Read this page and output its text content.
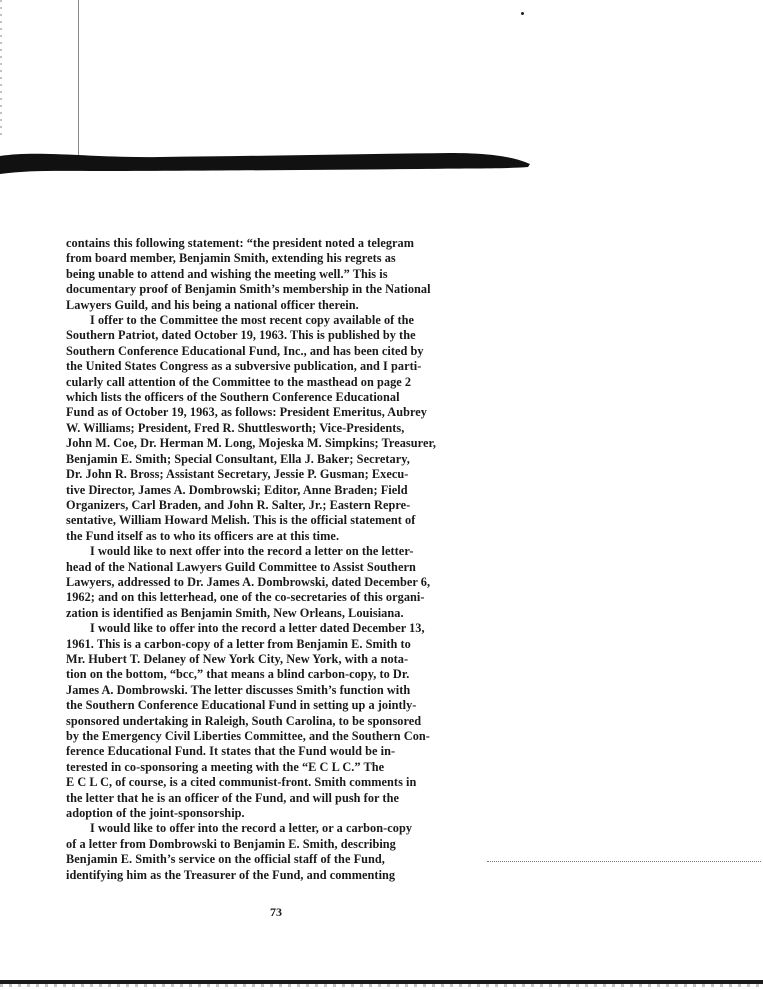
contains this following statement: “the president noted a telegram
from board member, Benjamin Smith, extending his regrets as
being unable to attend and wishing the meeting well.” This is
documentary proof of Benjamin Smith’s membership in the National
Lawyers Guild, and his being a national officer therein.

I offer to the Committee the most recent copy available of the
Southern Patriot, dated October 19, 1963. This is published by the
Southern Conference Educational Fund, Inc., and has been cited by
the United States Congress as a subversive publication, and I parti-
cularly call attention of the Committee to the masthead on page 2
which lists the officers of the Southern Conference Educational
Fund as of October 19, 1963, as follows: President Emeritus, Aubrey
W. Williams; President, Fred R. Shuttlesworth; Vice-Presidents,
John M. Coe, Dr. Herman M. Long, Mojeska M. Simpkins; Treasurer,
Benjamin E. Smith; Special Consultant, Ella J. Baker; Secretary,
Dr. John R. Bross; Assistant Secretary, Jessie P. Gusman; Execu-
tive Director, James A. Dombrowski; Editor, Anne Braden; Field
Organizers, Carl Braden, and John R. Salter, Jr.; Eastern Repre-
sentative, William Howard Melish. This is the official statement of
the Fund itself as to who its officers are at this time.

I would like to next offer into the record a letter on the letter-
head of the National Lawyers Guild Committee to Assist Southern
Lawyers, addressed to Dr. James A. Dombrowski, dated December 6,
1962; and on this letterhead, one of the co-secretaries of this organi-
zation is identified as Benjamin Smith, New Orleans, Louisiana.

I would like to offer into the record a letter dated December 13,
1961. This is a carbon-copy of a letter from Benjamin E. Smith to
Mr. Hubert T. Delaney of New York City, New York, with a nota-
tion on the bottom, “bcc,” that means a blind carbon-copy, to Dr.
James A. Dombrowski. The letter discusses Smith’s function with
the Southern Conference Educational Fund in setting up a jointly-
sponsored undertaking in Raleigh, South Carolina, to be sponsored
by the Emergency Civil Liberties Committee, and the Southern Con-
ference Educational Fund. It states that the Fund would be in-
terested in co-sponsoring a meeting with the “E C L C.” The
E C L C, of course, is a cited communist-front. Smith comments in
the letter that he is an officer of the Fund, and will push for the
adoption of the joint-sponsorship.

I would like to offer into the record a letter, or a carbon-copy
of a letter from Dombrowski to Benjamin E. Smith, describing
Benjamin E. Smith’s service on the official staff of the Fund,
identifying him as the Treasurer of the Fund, and commenting

73
